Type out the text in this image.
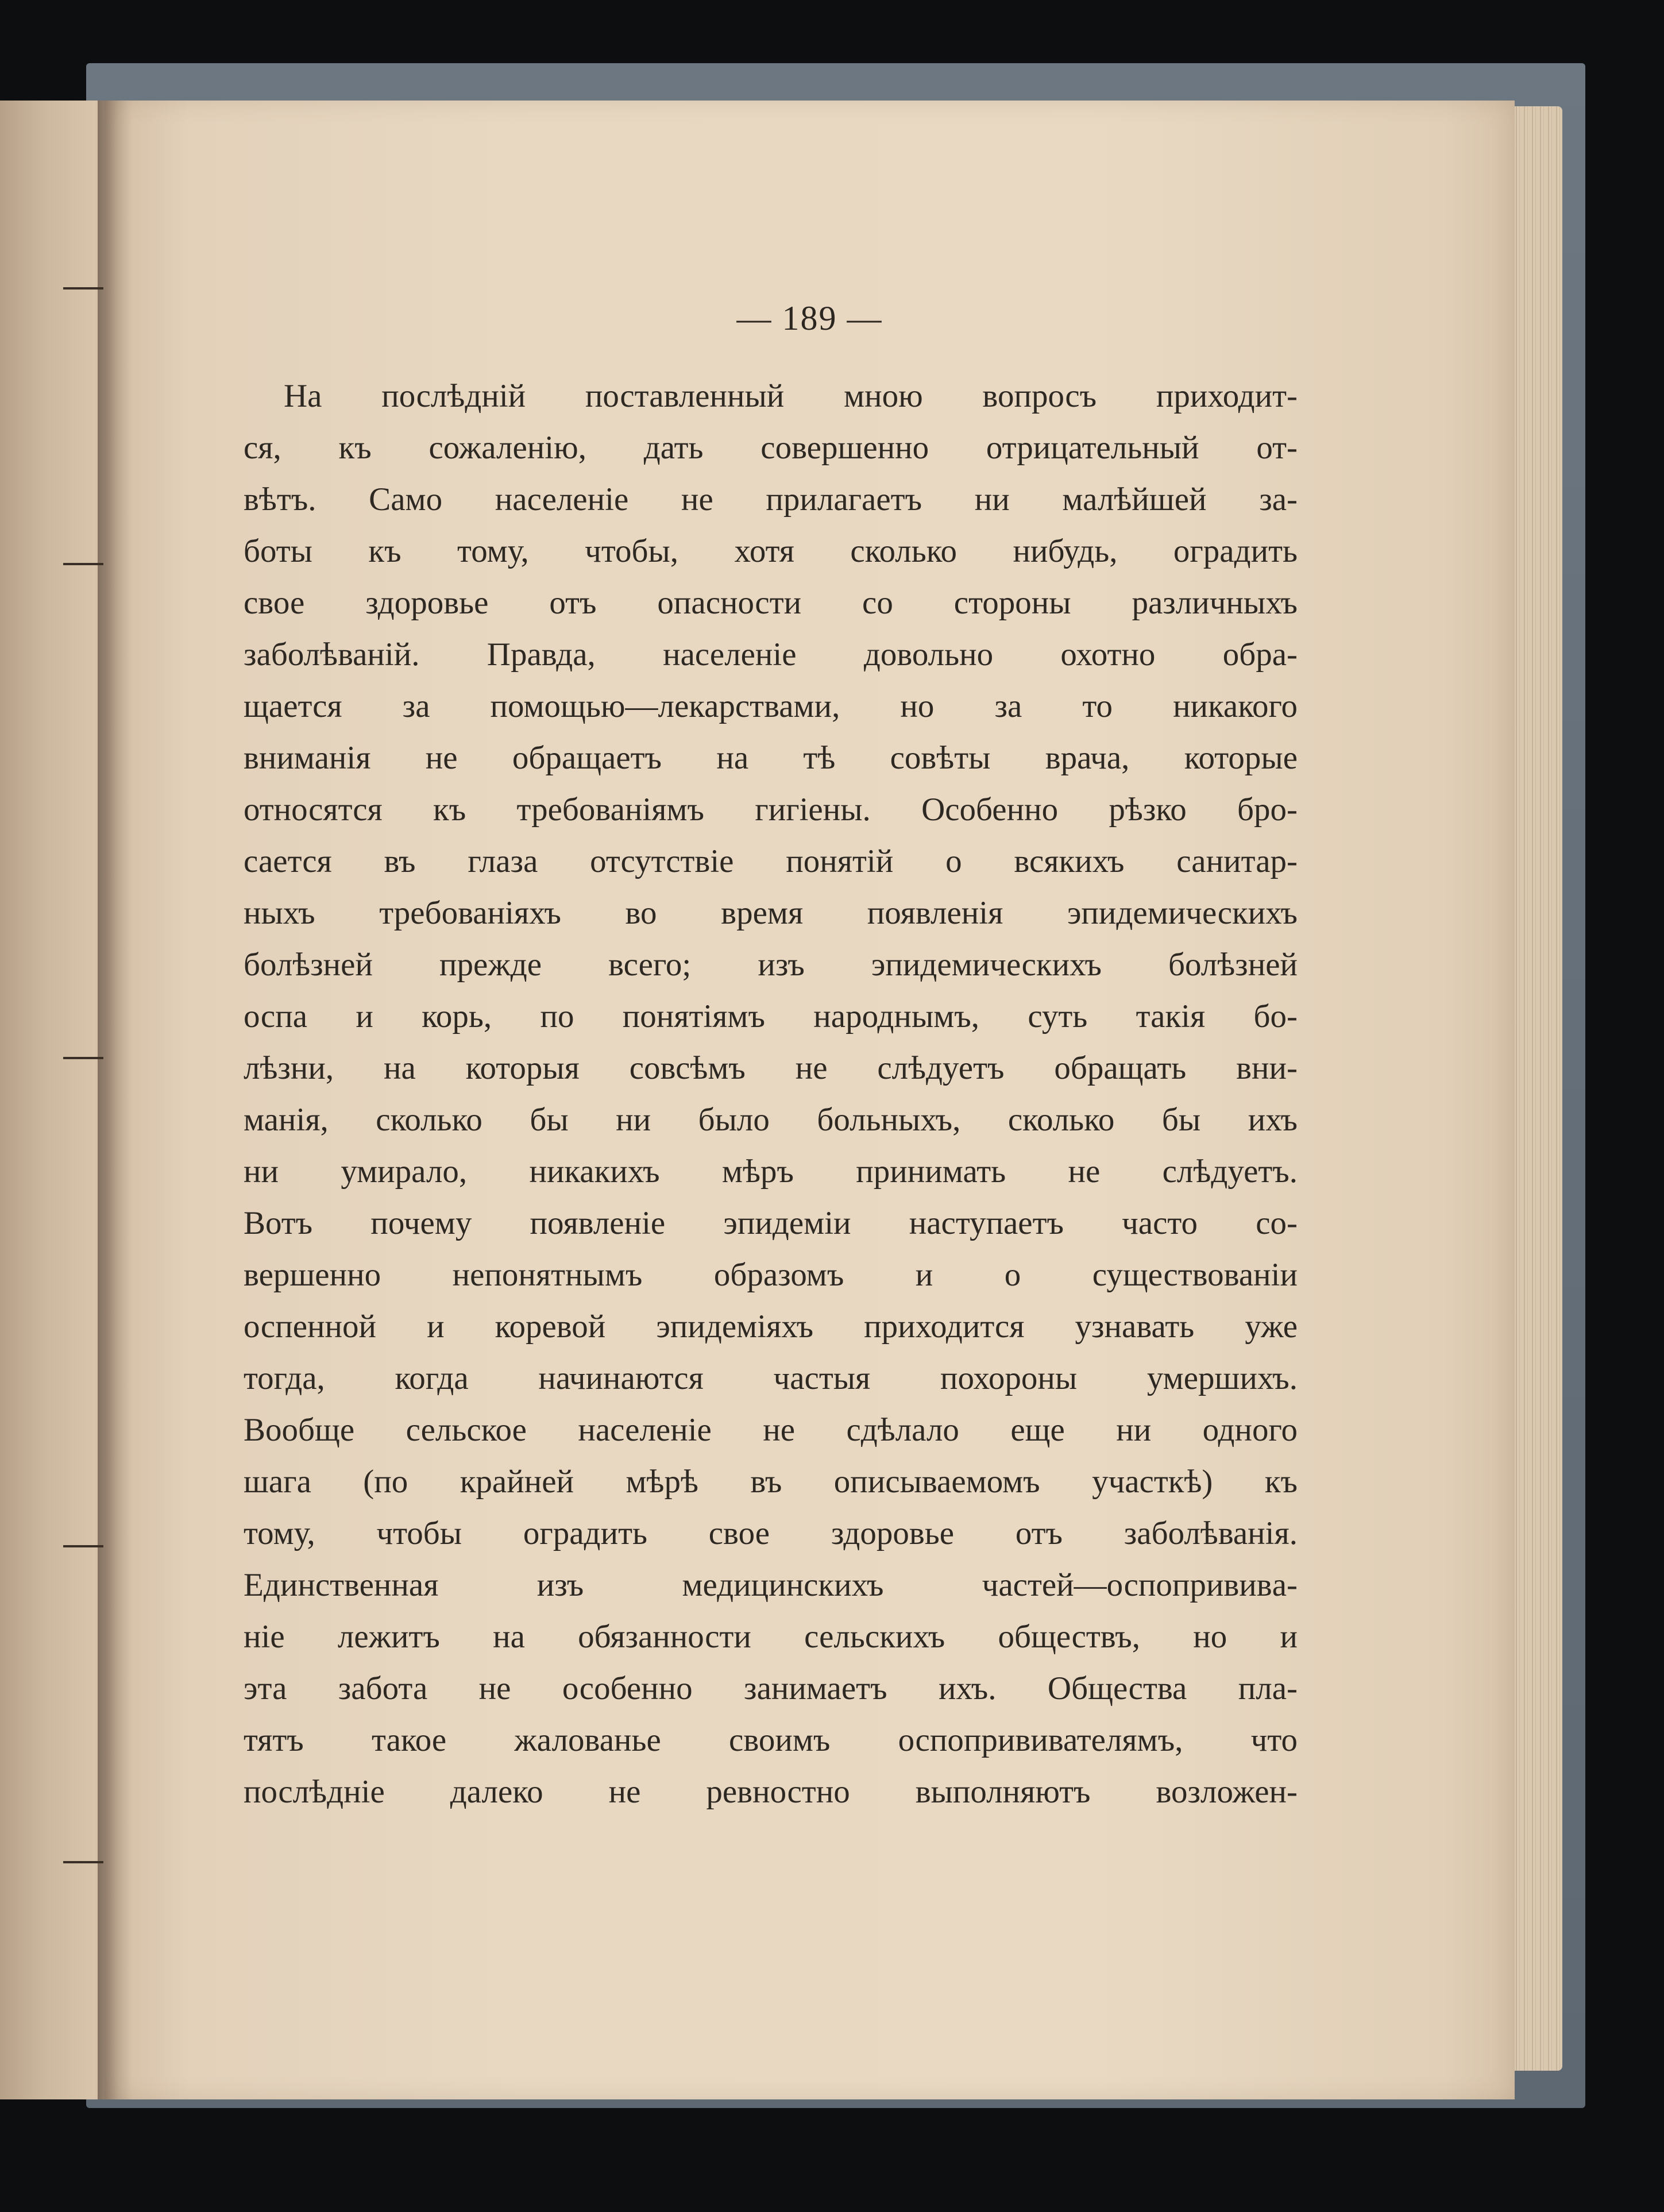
— 189 —
На послѣднiй поставленный мною вопросъ приходит-
ся, къ сожаленiю, дать совершенно отрицательный от-
вѣтъ. Само населенiе не прилагаетъ ни малѣйшей за-
боты къ тому, чтобы, хотя сколько нибудь, оградить
свое здоровье отъ опасности со стороны различныхъ
заболѣванiй. Правда, населенiе довольно охотно обра-
щается за помощью—лекарствами, но за то никакого
вниманiя не обращаетъ на тѣ совѣты врача, которые
относятся къ требованiямъ гигiены. Особенно рѣзко бро-
сается въ глаза отсутствiе понятiй о всякихъ санитар-
ныхъ требованiяхъ во время появленiя эпидемическихъ
болѣзней прежде всего; изъ эпидемическихъ болѣзней
оспа и корь, по понятiямъ народнымъ, суть такiя бо-
лѣзни, на которыя совсѣмъ не слѣдуетъ обращать вни-
манiя, сколько бы ни было больныхъ, сколько бы ихъ
ни умирало, никакихъ мѣръ принимать не слѣдуетъ.
Вотъ почему появленiе эпидемiи наступаетъ часто со-
вершенно непонятнымъ образомъ и о существованiи
оспенной и коревой эпидемiяхъ приходится узнавать уже
тогда, когда начинаются частыя похороны умершихъ.
Вообще сельское населенiе не сдѣлало еще ни одного
шага (по крайней мѣрѣ въ описываемомъ участкѣ) къ
тому, чтобы оградить свое здоровье отъ заболѣванiя.
Единственная изъ медицинскихъ частей—оспопрививa-
нiе лежитъ на обязанности сельскихъ обществъ, но и
эта забота не особенно занимаетъ ихъ. Общества пла-
тятъ такое жалованье своимъ оспопрививателямъ, что
послѣднiе далеко не ревностно выполняютъ возложен-
